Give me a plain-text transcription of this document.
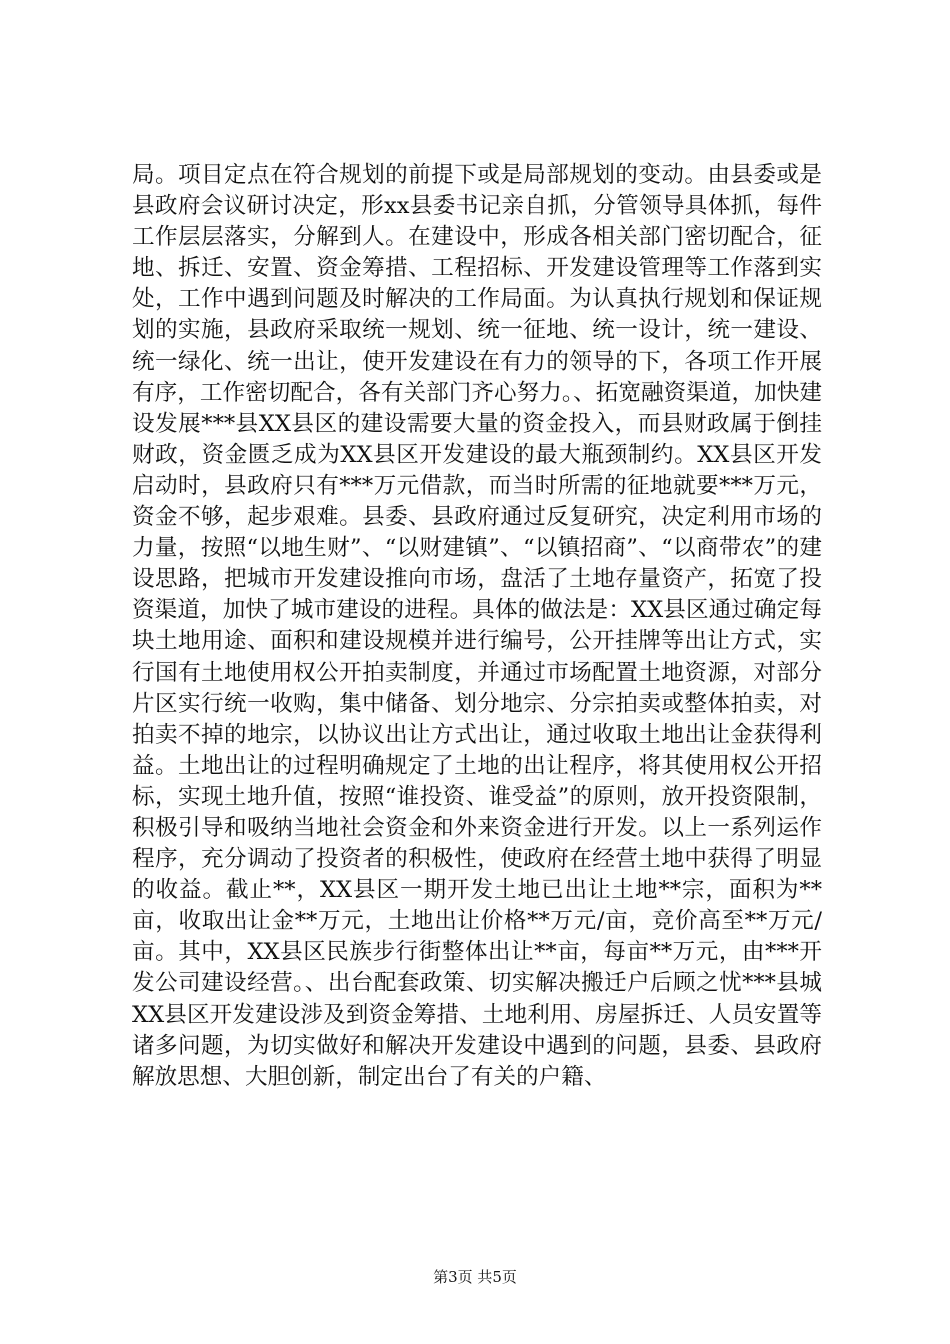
局。项目定点在符合规划的前提下或是局部规划的变动。由县委或是县政府会议研讨决定，形xx县委书记亲自抓，分管领导具体抓，每件工作层层落实，分解到人。在建设中，形成各相关部门密切配合，征地、拆迁、安置、资金筹措、工程招标、开发建设管理等工作落到实处，工作中遇到问题及时解决的工作局面。为认真执行规划和保证规划的实施，县政府采取统一规划、统一征地、统一设计，统一建设、统一绿化、统一出让，使开发建设在有力的领导的下，各项工作开展有序，工作密切配合，各有关部门齐心努力。、拓宽融资渠道，加快建设发展***县XX县区的建设需要大量的资金投入，而县财政属于倒挂财政，资金匮乏成为XX县区开发建设的最大瓶颈制约。XX县区开发启动时，县政府只有***万元借款，而当时所需的征地就要***万元，资金不够，起步艰难。县委、县政府通过反复研究，决定利用市场的力量，按照“以地生财”、“以财建镇”、“以镇招商”、“以商带农”的建设思路，把城市开发建设推向市场，盘活了土地存量资产，拓宽了投资渠道，加快了城市建设的进程。具体的做法是：XX县区通过确定每块土地用途、面积和建设规模并进行编号，公开挂牌等出让方式，实行国有土地使用权公开拍卖制度，并通过市场配置土地资源，对部分片区实行统一收购，集中储备、划分地宗、分宗拍卖或整体拍卖，对拍卖不掉的地宗，以协议出让方式出让，通过收取土地出让金获得利益。土地出让的过程明确规定了土地的出让程序，将其使用权公开招标，实现土地升值，按照“谁投资、谁受益”的原则，放开投资限制，积极引导和吸纳当地社会资金和外来资金进行开发。以上一系列运作程序，充分调动了投资者的积极性，使政府在经营土地中获得了明显的收益。截止**，XX县区一期开发土地已出让土地**宗，面积为**亩，收取出让金**万元，土地出让价格**万元/亩，竞价高至**万元/亩。其中，XX县区民族步行街整体出让**亩，每亩**万元，由***开发公司建设经营。、出台配套政策、切实解决搬迁户后顾之忧***县城XX县区开发建设涉及到资金筹措、土地利用、房屋拆迁、人员安置等诸多问题，为切实做好和解决开发建设中遇到的问题，县委、县政府解放思想、大胆创新，制定出台了有关的户籍、

第3页 共5页
